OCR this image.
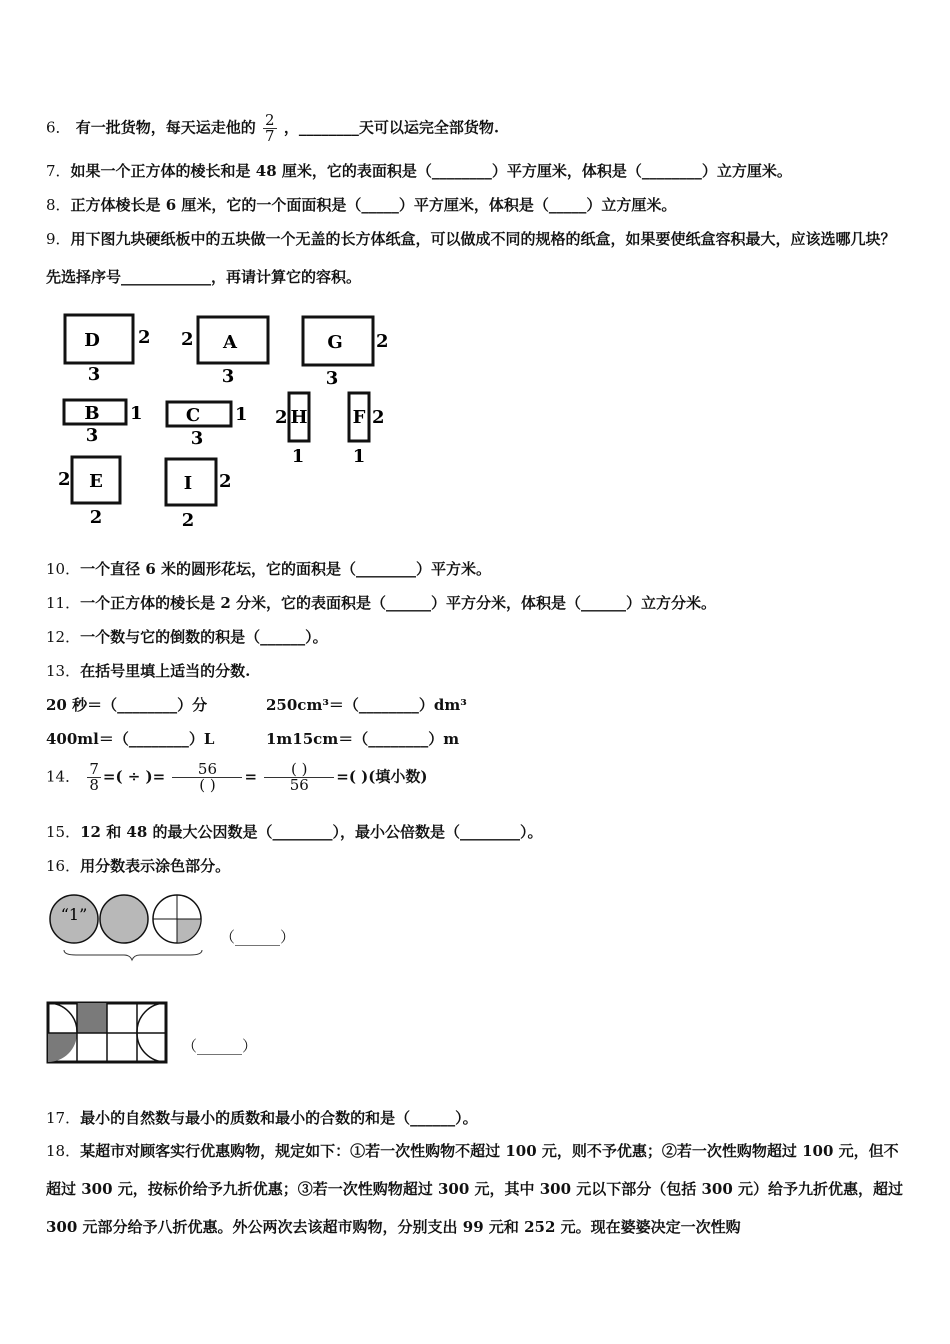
6． 有一批货物，每天运走他的 $\frac{2}{7}$ ，________天可以运完全部货物.
7．如果一个正方体的棱长和是 48 厘米，它的表面积是（________）平方厘米，体积是（________）立方厘米。
8．正方体棱长是 6 厘米，它的一个面面积是（_____）平方厘米，体积是（_____）立方厘米。
9．用下图九块硬纸板中的五块做一个无盖的长方体纸盒，可以做成不同的规格的纸盒，如果要使纸盒容积最大，应该选哪几块？先选择序号____________，再请计算它的容积。
D 2
3
A
2
3
G 2
3
B 1
3
C 1
3
H
2
1
F 2
1
E
2
2
I 2
2
10．一个直径 6 米的圆形花坛，它的面积是（________）平方米。
11．一个正方体的棱长是 2 分米，它的表面积是（______）平方分米，体积是（______）立方分米。
12．一个数与它的倒数的积是（______）。
13．在括号里填上适当的分数.
20 秒＝（________）分	250cm³＝（________）dm³
400ml＝（________）L	1m15cm＝（________）m
14． $\frac{7}{8}$ =( ÷ )= $\frac{56}{( )} = \frac{( )}{56}$ =( )(填小数)
15．12 和 48 的最大公因数是（________），最小公倍数是（________）。
16．用分数表示涂色部分。
“1”
（______）
（______）
17．最小的自然数与最小的质数和最小的合数的和是（______）。
18．某超市对顾客实行优惠购物，规定如下：①若一次性购物不超过 100 元，则不予优惠；②若一次性购物超过 100 元，但不超过 300 元，按标价给予九折优惠；③若一次性购物超过 300 元，其中 300 元以下部分（包括 300 元）给予九折优惠，超过 300 元部分给予八折优惠。外公两次去该超市购物，分别支出 99 元和 252 元。现在婆婆决定一次性购
